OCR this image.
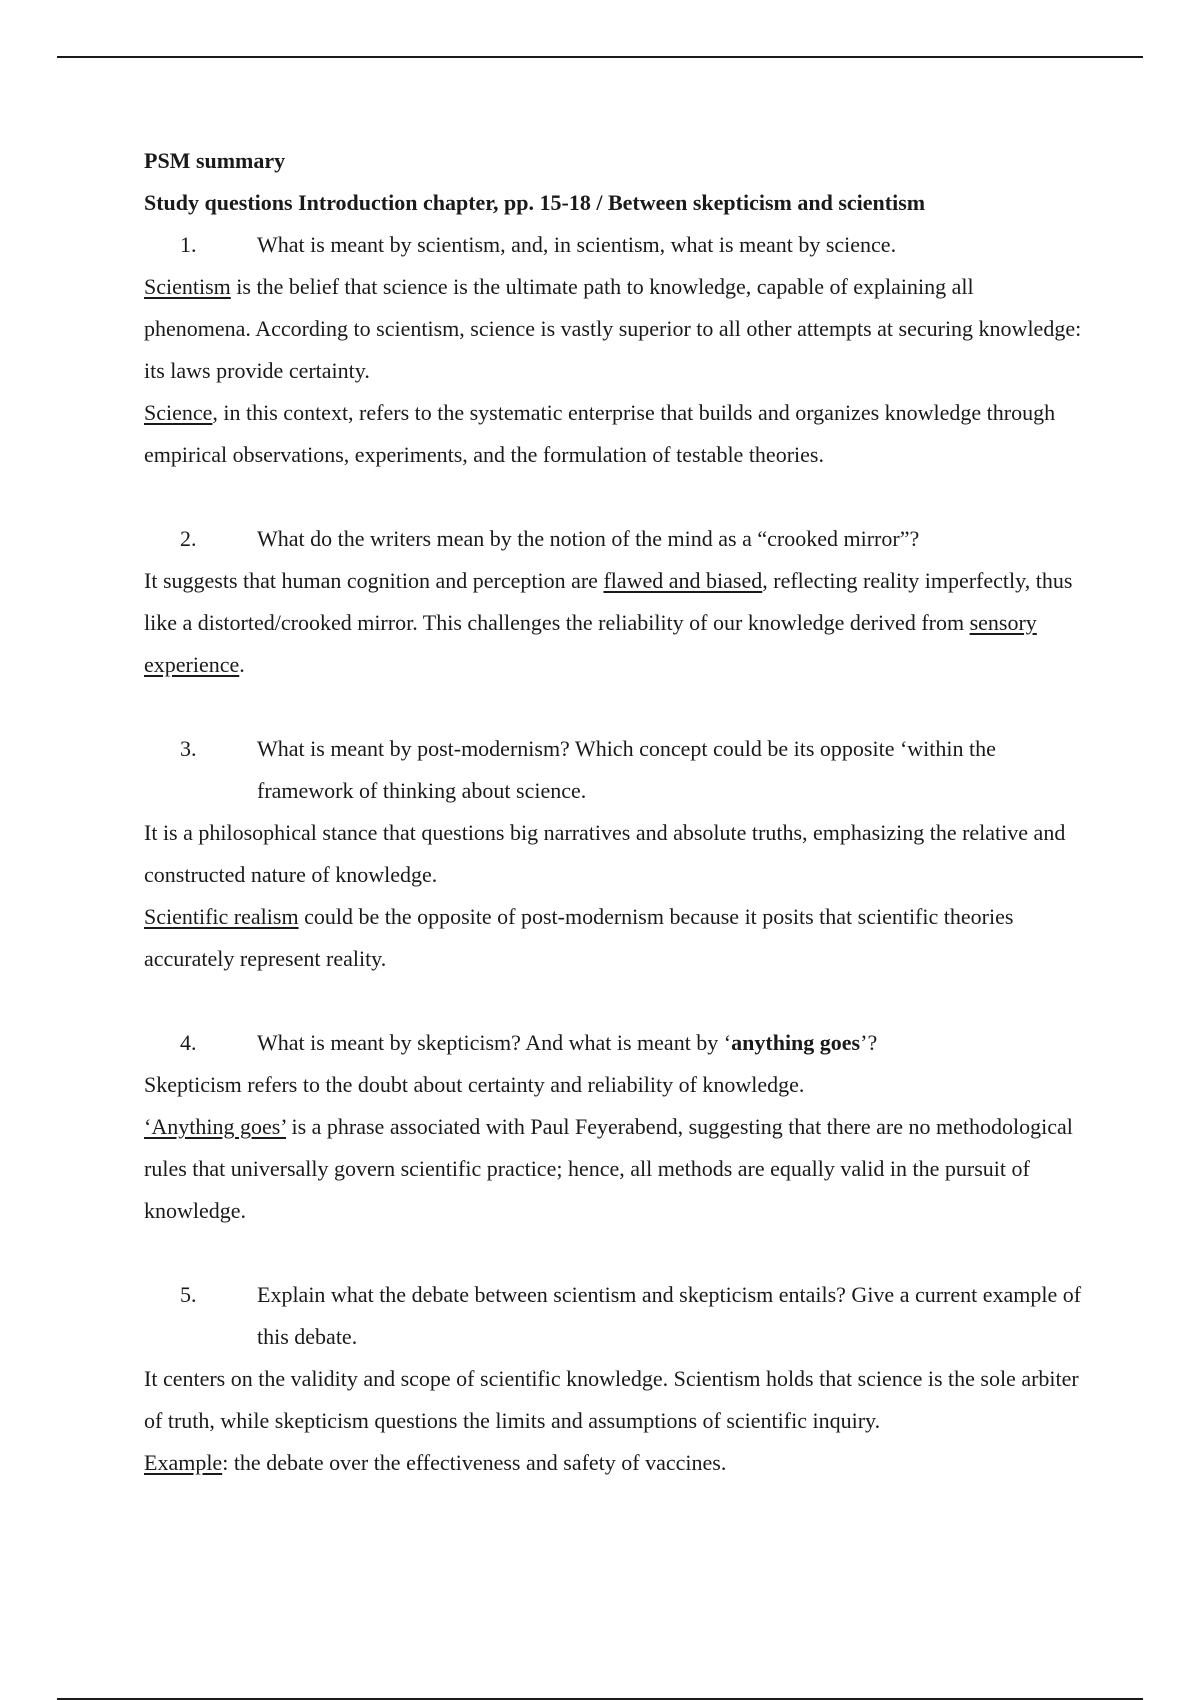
PSM summary

Study questions Introduction chapter, pp. 15-18 / Between skepticism and scientism

1.	What is meant by scientism, and, in scientism, what is meant by science.

Scientism is the belief that science is the ultimate path to knowledge, capable of explaining all phenomena. According to scientism, science is vastly superior to all other attempts at securing knowledge: its laws provide certainty.

Science, in this context, refers to the systematic enterprise that builds and organizes knowledge through empirical observations, experiments, and the formulation of testable theories.

2.	What do the writers mean by the notion of the mind as a “crooked mirror”?

It suggests that human cognition and perception are flawed and biased, reflecting reality imperfectly, thus like a distorted/crooked mirror. This challenges the reliability of our knowledge derived from sensory experience.

3.	What is meant by post-modernism? Which concept could be its opposite ‘within the framework of thinking about science.

It is a philosophical stance that questions big narratives and absolute truths, emphasizing the relative and constructed nature of knowledge.

Scientific realism could be the opposite of post-modernism because it posits that scientific theories accurately represent reality.

4.	What is meant by skepticism? And what is meant by ‘anything goes’?

Skepticism refers to the doubt about certainty and reliability of knowledge.

‘Anything goes’ is a phrase associated with Paul Feyerabend, suggesting that there are no methodological rules that universally govern scientific practice; hence, all methods are equally valid in the pursuit of knowledge.

5.	Explain what the debate between scientism and skepticism entails? Give a current example of this debate.

It centers on the validity and scope of scientific knowledge. Scientism holds that science is the sole arbiter of truth, while skepticism questions the limits and assumptions of scientific inquiry.

Example: the debate over the effectiveness and safety of vaccines.
